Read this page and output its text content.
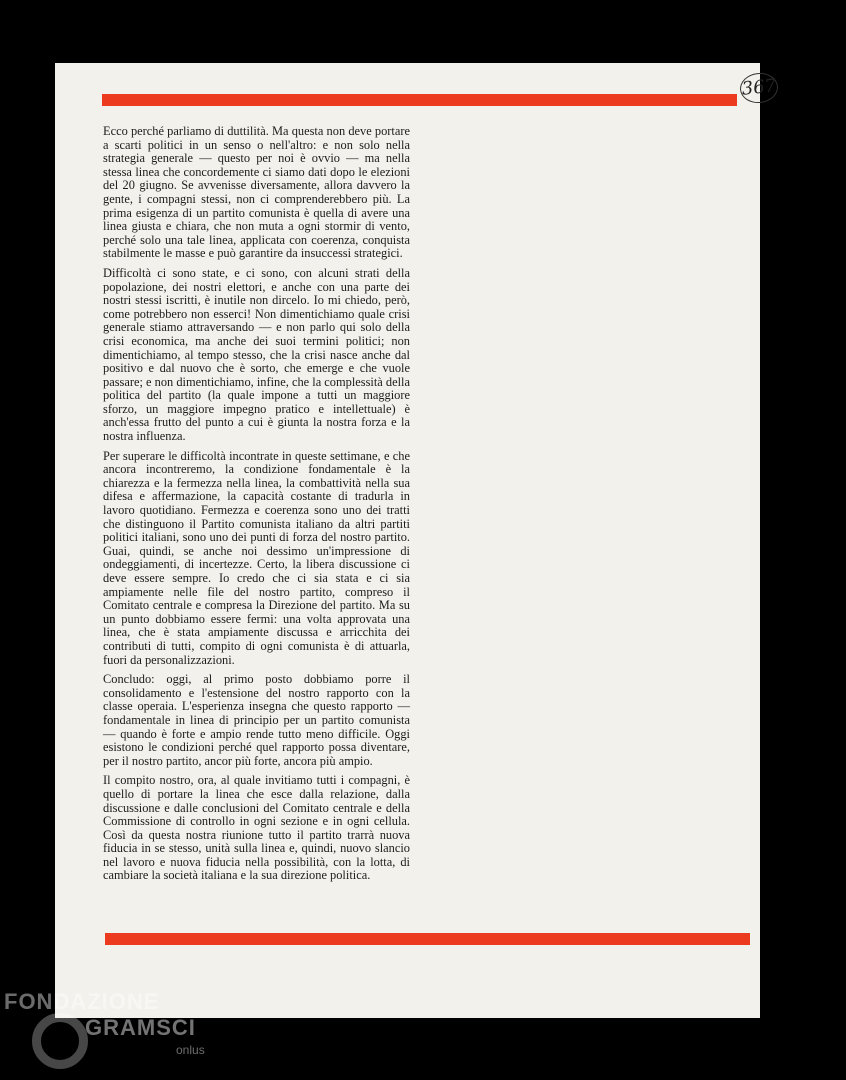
367

Ecco perché parliamo di duttilità. Ma questa non deve portare a scarti politici in un senso o nell'altro: e non solo nella strategia generale — questo per noi è ovvio — ma nella stessa linea che concordemente ci siamo dati dopo le elezioni del 20 giugno. Se avvenisse diversamente, allora davvero la gente, i compagni stessi, non ci comprenderebbero più. La prima esigenza di un partito comunista è quella di avere una linea giusta e chiara, che non muta a ogni stormir di vento, perché solo una tale linea, applicata con coerenza, conquista stabilmente le masse e può garantire da insuccessi strategici.

Difficoltà ci sono state, e ci sono, con alcuni strati della popolazione, dei nostri elettori, e anche con una parte dei nostri stessi iscritti, è inutile non dircelo. Io mi chiedo, però, come potrebbero non esserci! Non dimentichiamo quale crisi generale stiamo attraversando — e non parlo qui solo della crisi economica, ma anche dei suoi termini politici; non dimentichiamo, al tempo stesso, che la crisi nasce anche dal positivo e dal nuovo che è sorto, che emerge e che vuole passare; e non dimentichiamo, infine, che la complessità della politica del partito (la quale impone a tutti un maggiore sforzo, un maggiore impegno pratico e intellettuale) è anch'essa frutto del punto a cui è giunta la nostra forza e la nostra influenza.

Per superare le difficoltà incontrate in queste settimane, e che ancora incontreremo, la condizione fondamentale è la chiarezza e la fermezza nella linea, la combattività nella sua difesa e affermazione, la capacità costante di tradurla in lavoro quotidiano. Fermezza e coerenza sono uno dei tratti che distinguono il Partito comunista italiano da altri partiti politici italiani, sono uno dei punti di forza del nostro partito. Guai, quindi, se anche noi dessimo un'impressione di ondeggiamenti, di incertezze. Certo, la libera discussione ci deve essere sempre. Io credo che ci sia stata e ci sia ampiamente nelle file del nostro partito, compreso il Comitato centrale e compresa la Direzione del partito. Ma su un punto dobbiamo essere fermi: una volta approvata una linea, che è stata ampiamente discussa e arricchita dei contributi di tutti, compito di ogni comunista è di attuarla, fuori da personalizzazioni.

Concludo: oggi, al primo posto dobbiamo porre il consolidamento e l'estensione del nostro rapporto con la classe operaia. L'esperienza insegna che questo rapporto — fondamentale in linea di principio per un partito comunista — quando è forte e ampio rende tutto meno difficile. Oggi esistono le condizioni perché quel rapporto possa diventare, per il nostro partito, ancor più forte, ancora più ampio.

Il compito nostro, ora, al quale invitiamo tutti i compagni, è quello di portare la linea che esce dalla relazione, dalla discussione e dalle conclusioni del Comitato centrale e della Commissione di controllo in ogni sezione e in ogni cellula. Così da questa nostra riunione tutto il partito trarrà nuova fiducia in se stesso, unità sulla linea e, quindi, nuovo slancio nel lavoro e nuova fiducia nella possibilità, con la lotta, di cambiare la società italiana e la sua direzione politica.

FONDAZIONE
GRAMSCI
onlus
